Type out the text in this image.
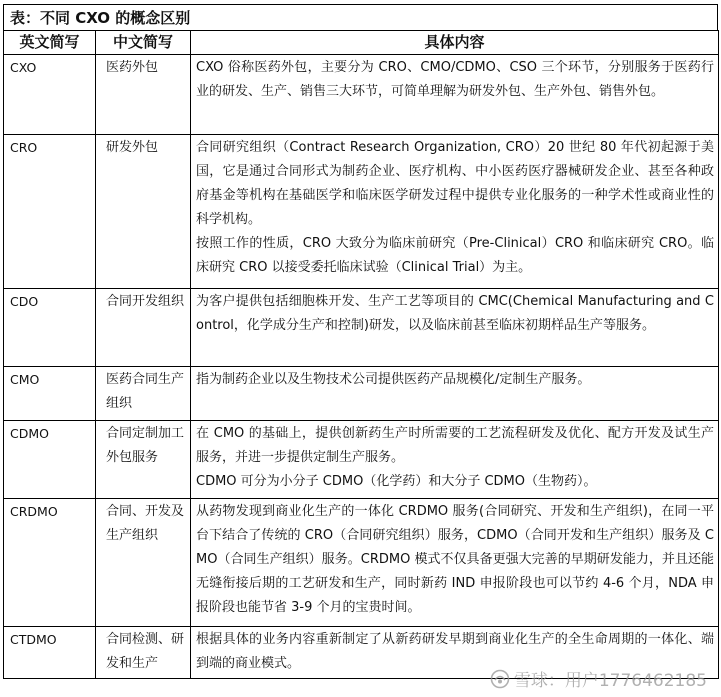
表：不同 CXO 的概念区别
英文简写	中文简写	具体内容
CXO	医药外包	CXO 俗称医药外包，主要分为 CRO、CMO/CDMO、CSO 三个环节，分别服务于医药行业的研发、生产、销售三大环节，可简单理解为研发外包、生产外包、销售外包。

CRO	研发外包	合同研究组织（Contract Research Organization, CRO）20 世纪 80 年代初起源于美国，它是通过合同形式为制药企业、医疗机构、中小医药医疗器械研发企业、甚至各种政府基金等机构在基础医学和临床医学研发过程中提供专业化服务的一种学术性或商业性的科学机构。
按照工作的性质，CRO 大致分为临床前研究（Pre-Clinical）CRO 和临床研究 CRO。临床研究 CRO 以接受委托临床试验（Clinical Trial）为主。

CDO	合同开发组织	为客户提供包括细胞株开发、生产工艺等项目的 CMC(Chemical Manufacturing and Control，化学成分生产和控制)研发，以及临床前甚至临床初期样品生产等服务。

CMO	医药合同生产组织	指为制药企业以及生物技术公司提供医药产品规模化/定制生产服务。

CDMO	合同定制加工外包服务	在 CMO 的基础上，提供创新药生产时所需要的工艺流程研发及优化、配方开发及试生产服务，并进一步提供定制生产服务。
CDMO 可分为小分子 CDMO（化学药）和大分子 CDMO（生物药）。

CRDMO	合同、开发及生产组织	从药物发现到商业化生产的一体化 CRDMO 服务(合同研究、开发和生产组织)，在同一平台下结合了传统的 CRO（合同研究组织）服务，CDMO（合同开发和生产组织）服务及 CMO（合同生产组织）服务。CRDMO 模式不仅具备更强大完善的早期研发能力，并且还能无缝衔接后期的工艺研发和生产，同时新药 IND 申报阶段也可以节约 4-6 个月，NDA 申报阶段也能节省 3-9 个月的宝贵时间。

CTDMO	合同检测、研发和生产	根据具体的业务内容重新制定了从新药研发早期到商业化生产的全生命周期的一体化、端到端的商业模式。
雪球：用户1776462185
